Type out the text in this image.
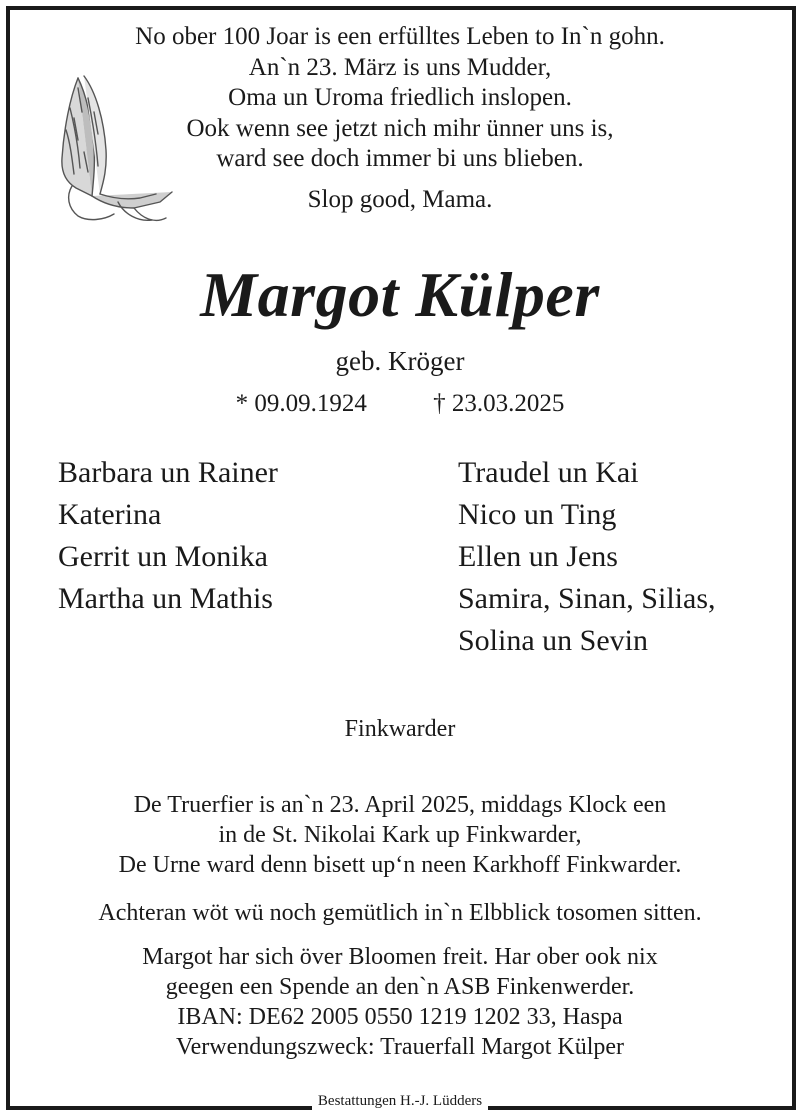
No ober 100 Joar is een erfülltes Leben to In`n gohn.
An`n 23. März is uns Mudder,
Oma un Uroma friedlich inslopen.
Ook wenn see jetzt nich mihr ünner uns is,
ward see doch immer bi uns blieben.
Slop good, Mama.
Margot Külper
geb. Kröger
* 09.09.1924	† 23.03.2025
Barbara un Rainer
Katerina
Gerrit un Monika
Martha un Mathis
Traudel un Kai
Nico un Ting
Ellen un Jens
Samira, Sinan, Silias,
Solina un Sevin
Finkwarder
De Truerfier is an`n 23. April 2025, middags Klock een
in de St. Nikolai Kark up Finkwarder,
De Urne ward denn bisett up‘n neen Karkhoff Finkwarder.
Achteran wöt wü noch gemütlich in`n Elbblick tosomen sitten.
Margot har sich över Bloomen freit. Har ober ook nix
geegen een Spende an den`n ASB Finkenwerder.
IBAN: DE62 2005 0550 1219 1202 33, Haspa
Verwendungszweck: Trauerfall Margot Külper
Bestattungen H.-J. Lüdders
